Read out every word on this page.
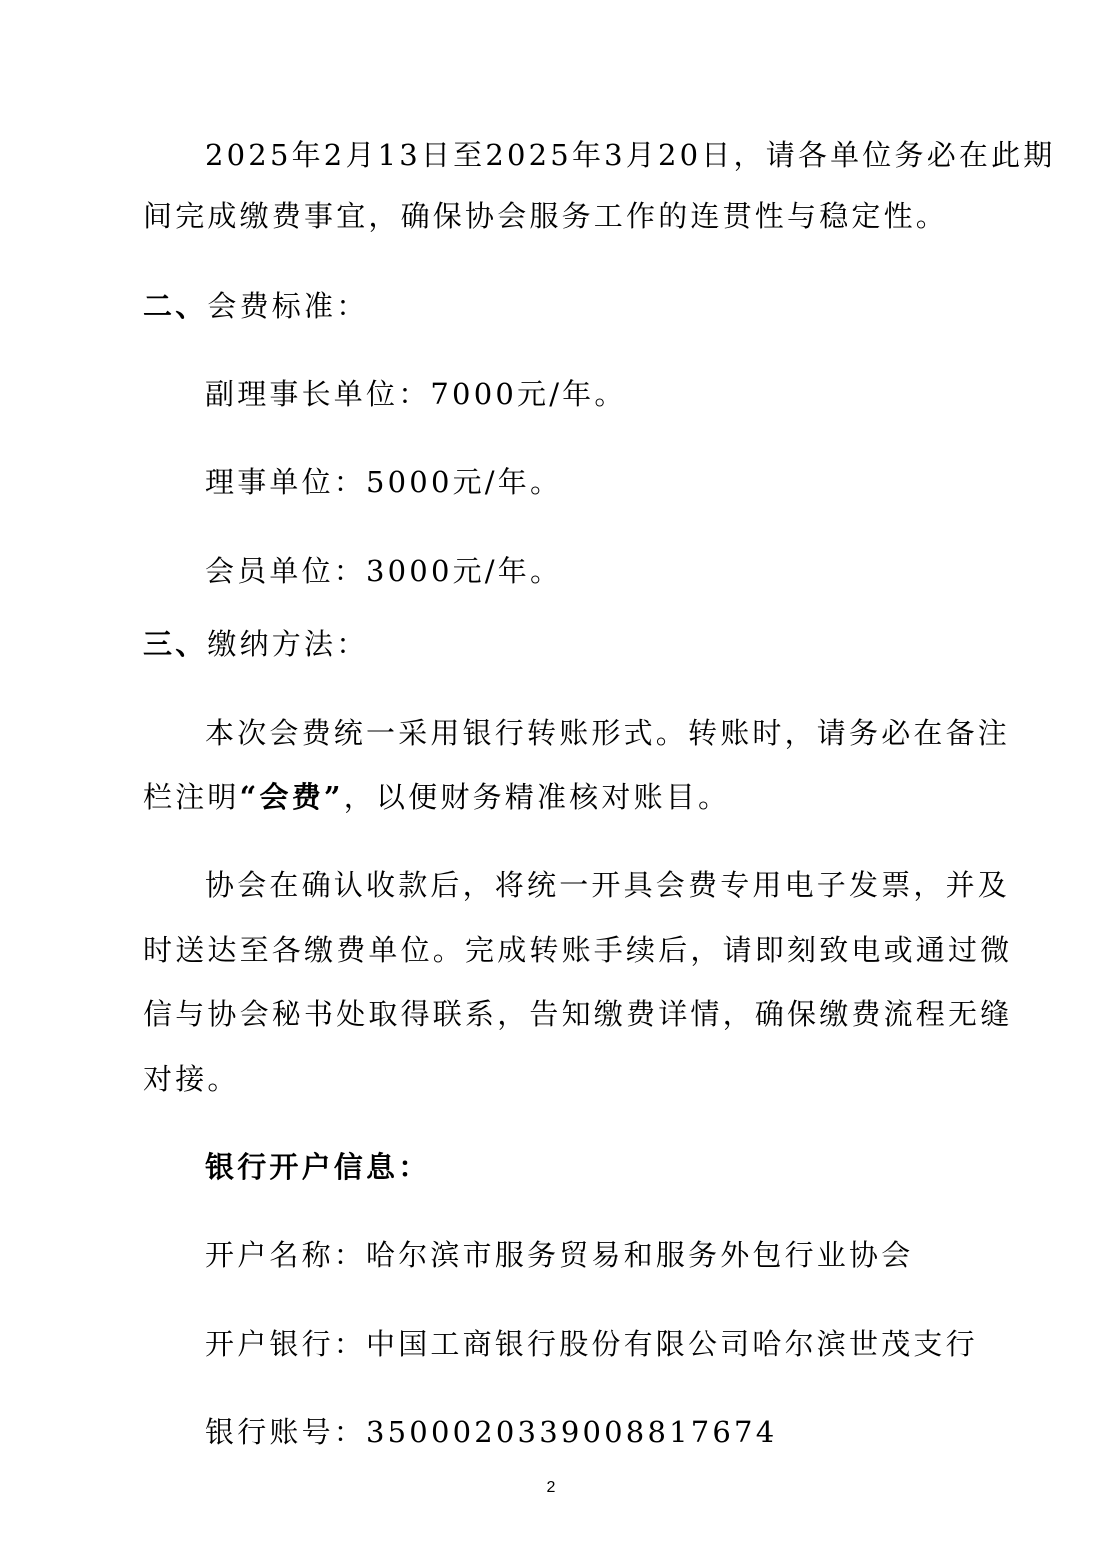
2025年2月13日至2025年3月20日，请各单位务必在此期
间完成缴费事宜，确保协会服务工作的连贯性与稳定性。
二、会费标准：
副理事长单位：7000元/年。
理事单位：5000元/年。
会员单位：3000元/年。
三、缴纳方法：
本次会费统一采用银行转账形式。转账时，请务必在备注
栏注明“会费”，以便财务精准核对账目。
协会在确认收款后，将统一开具会费专用电子发票，并及
时送达至各缴费单位。完成转账手续后，请即刻致电或通过微
信与协会秘书处取得联系，告知缴费详情，确保缴费流程无缝
对接。
银行开户信息：
开户名称：哈尔滨市服务贸易和服务外包行业协会
开户银行：中国工商银行股份有限公司哈尔滨世茂支行
银行账号：3500020339008817674
2
